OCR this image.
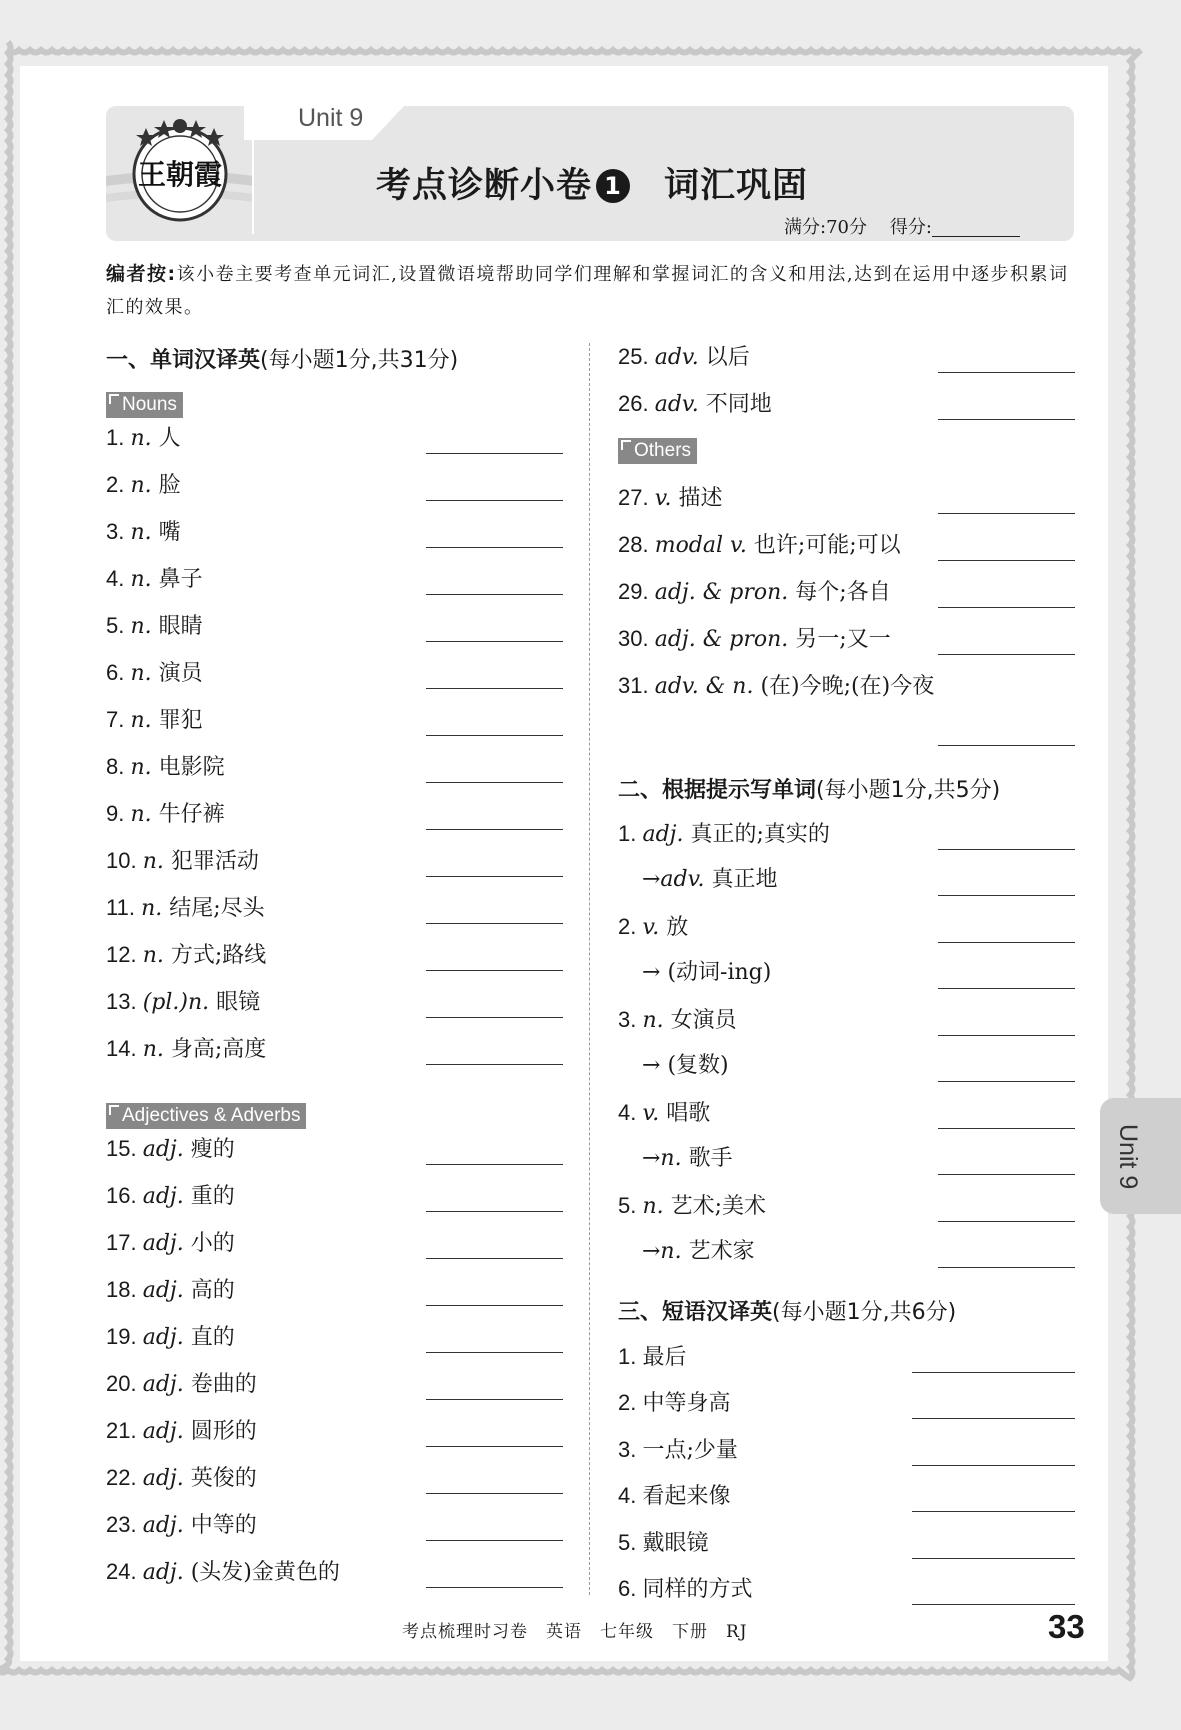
王朝霞
Unit 9
考点诊断小卷 1 词汇巩固
满分:70分 得分:
编者按:该小卷主要考查单元词汇,设置微语境帮助同学们理解和掌握词汇的含义和用法,达到在运用中逐步积累词汇的效果。
一、单词汉译英(每小题1分,共31分)
Nouns
Adjectives & Adverbs
Others
1. n. 人
2. n. 脸
3. n. 嘴
4. n. 鼻子
5. n. 眼睛
6. n. 演员
7. n. 罪犯
8. n. 电影院
9. n. 牛仔裤
10. n. 犯罪活动
11. n. 结尾;尽头
12. n. 方式;路线
13. (pl.)n. 眼镜
14. n. 身高;高度
15. adj. 瘦的
16. adj. 重的
17. adj. 小的
18. adj. 高的
19. adj. 直的
20. adj. 卷曲的
21. adj. 圆形的
22. adj. 英俊的
23. adj. 中等的
24. adj. (头发)金黄色的
25. adv. 以后
26. adv. 不同地
27. v. 描述
28. modal v. 也许;可能;可以
29. adj. & pron. 每个;各自
30. adj. & pron. 另一;又一
31. adv. & n. (在)今晚;(在)今夜
二、根据提示写单词(每小题1分,共5分)
1. adj. 真正的;真实的
→adv. 真正地
2. v. 放
→ (动词-ing)
3. n. 女演员
→ (复数)
4. v. 唱歌
→n. 歌手
5. n. 艺术;美术
→n. 艺术家
三、短语汉译英(每小题1分,共6分)
1. 最后
2. 中等身高
3. 一点;少量
4. 看起来像
5. 戴眼镜
6. 同样的方式
Unit 9
考点梳理时习卷 英语 七年级 下册 RJ	33
